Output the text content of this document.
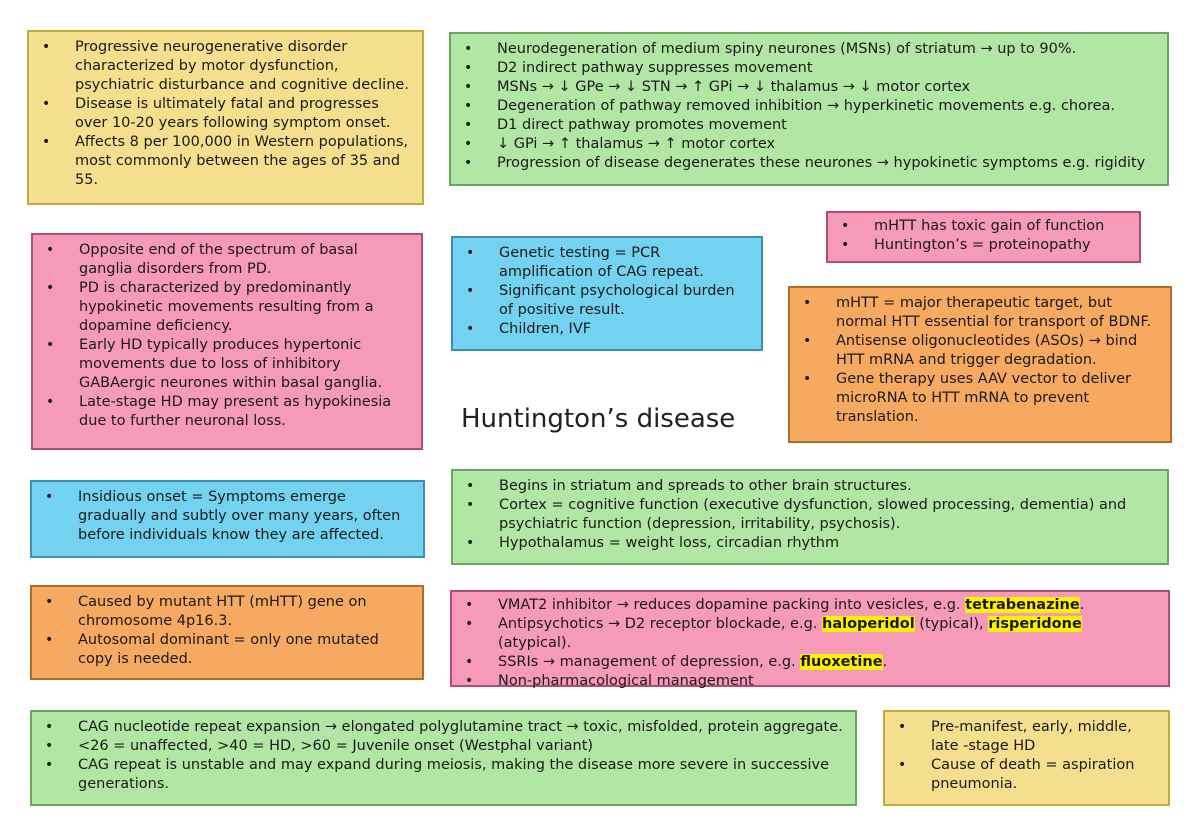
Huntington’s disease
• Progressive neurogenerative disorder characterized by motor dysfunction, psychiatric disturbance and cognitive decline.
• Disease is ultimately fatal and progresses over 10-20 years following symptom onset.
• Affects 8 per 100,000 in Western populations, most commonly between the ages of 35 and 55.
• Neurodegeneration of medium spiny neurones (MSNs) of striatum → up to 90%.
• D2 indirect pathway suppresses movement
• MSNs → ↓ GPe → ↓ STN → ↑ GPi → ↓ thalamus → ↓ motor cortex
• Degeneration of pathway removed inhibition → hyperkinetic movements e.g. chorea.
• D1 direct pathway promotes movement
• ↓ GPi → ↑ thalamus → ↑ motor cortex
• Progression of disease degenerates these neurones → hypokinetic symptoms e.g. rigidity
• mHTT has toxic gain of function
• Huntington’s = proteinopathy
• Opposite end of the spectrum of basal ganglia disorders from PD.
• PD is characterized by predominantly hypokinetic movements resulting from a dopamine deficiency.
• Early HD typically produces hypertonic movements due to loss of inhibitory GABAergic neurones within basal ganglia.
• Late-stage HD may present as hypokinesia due to further neuronal loss.
• Genetic testing = PCR amplification of CAG repeat.
• Significant psychological burden of positive result.
• Children, IVF
• mHTT = major therapeutic target, but normal HTT essential for transport of BDNF.
• Antisense oligonucleotides (ASOs) → bind HTT mRNA and trigger degradation.
• Gene therapy uses AAV vector to deliver microRNA to HTT mRNA to prevent translation.
• Insidious onset = Symptoms emerge gradually and subtly over many years, often before individuals know they are affected.
• Begins in striatum and spreads to other brain structures.
• Cortex = cognitive function (executive dysfunction, slowed processing, dementia) and psychiatric function (depression, irritability, psychosis).
• Hypothalamus = weight loss, circadian rhythm
• Caused by mutant HTT (mHTT) gene on chromosome 4p16.3.
• Autosomal dominant = only one mutated copy is needed.
• VMAT2 inhibitor → reduces dopamine packing into vesicles, e.g. tetrabenazine.
• Antipsychotics → D2 receptor blockade, e.g. haloperidol (typical), risperidone (atypical).
• SSRIs → management of depression, e.g. fluoxetine.
• Non-pharmacological management
• CAG nucleotide repeat expansion → elongated polyglutamine tract → toxic, misfolded, protein aggregate.
• <26 = unaffected, >40 = HD, >60 = Juvenile onset (Westphal variant)
• CAG repeat is unstable and may expand during meiosis, making the disease more severe in successive generations.
• Pre-manifest, early, middle, late -stage HD
• Cause of death = aspiration pneumonia.
